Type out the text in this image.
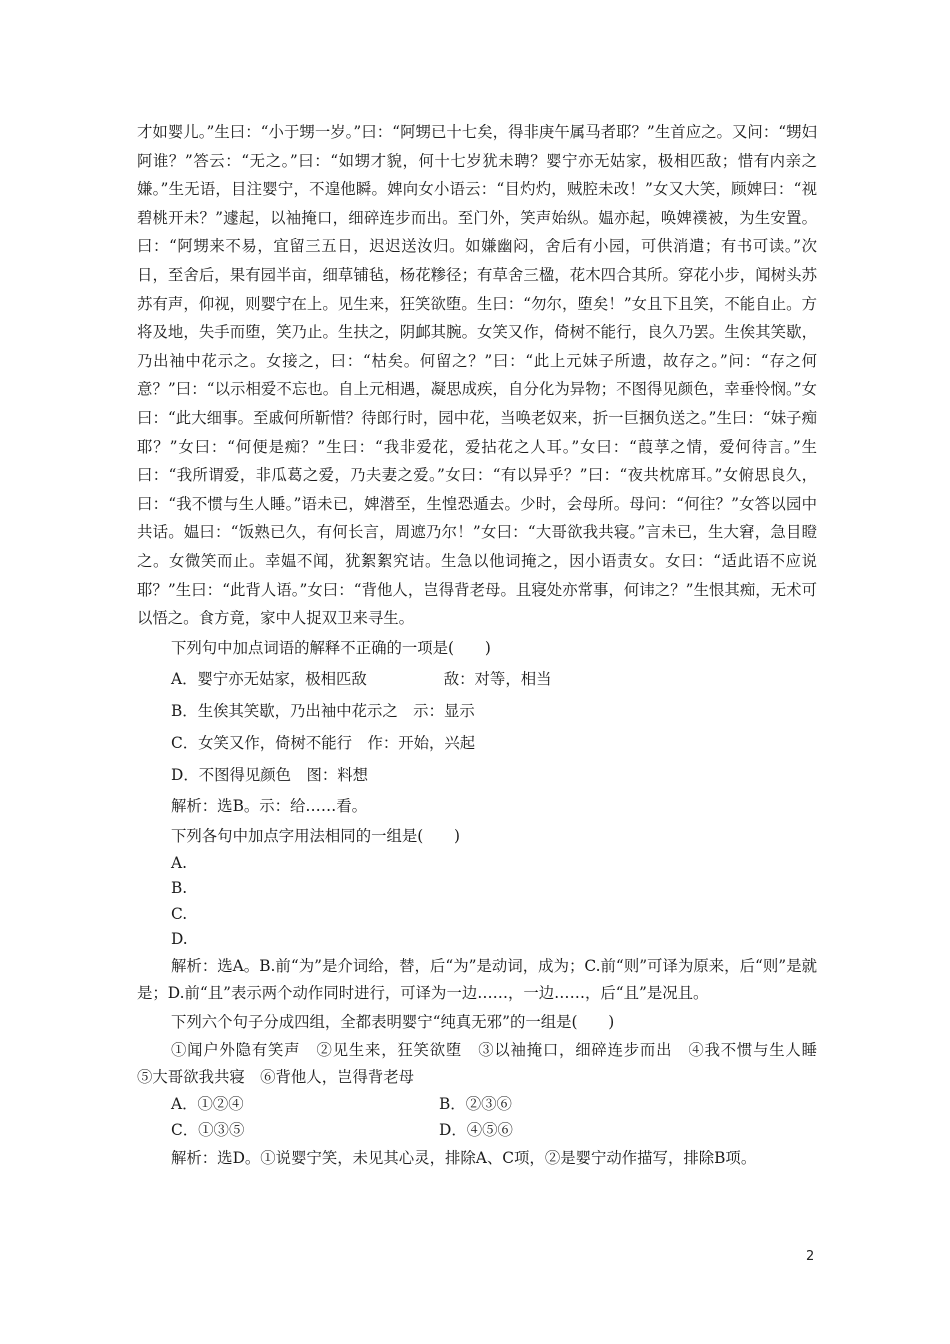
才如婴儿。”生曰：“小于甥一岁。”曰：“阿甥已十七矣，得非庚午属马者耶？”生首应之。又问：“甥妇阿谁？”答云：“无之。”曰：“如甥才貌，何十七岁犹未聘？婴宁亦无姑家，极相匹敌；惜有内亲之嫌。”生无语，目注婴宁，不遑他瞬。婢向女小语云：“目灼灼，贼腔未改！”女又大笑，顾婢曰：“视碧桃开未？”遽起，以袖掩口，细碎连步而出。至门外，笑声始纵。媪亦起，唤婢襆被，为生安置。曰：“阿甥来不易，宜留三五日，迟迟送汝归。如嫌幽闷，舍后有小园，可供消遣；有书可读。”次日，至舍后，果有园半亩，细草铺毡，杨花糁径；有草舍三楹，花木四合其所。穿花小步，闻树头苏苏有声，仰视，则婴宁在上。见生来，狂笑欲堕。生曰：“勿尔，堕矣！”女且下且笑，不能自止。方将及地，失手而堕，笑乃止。生扶之，阴䘏其腕。女笑又作，倚树不能行，良久乃罢。生俟其笑歇，乃出袖中花示之。女接之，曰：“枯矣。何留之？”曰：“此上元妹子所遗，故存之。”问：“存之何意？”曰：“以示相爱不忘也。自上元相遇，凝思成疾，自分化为异物；不图得见颜色，幸垂怜悯。”女曰：“此大细事。至戚何所靳惜？待郎行时，园中花，当唤老奴来，折一巨捆负送之。”生曰：“妹子痴耶？”女曰：“何便是痴？”生曰：“我非爱花，爱拈花之人耳。”女曰：“葭莩之情，爱何待言。”生曰：“我所谓爱，非瓜葛之爱，乃夫妻之爱。”女曰：“有以异乎？”曰：“夜共枕席耳。”女俯思良久，曰：“我不惯与生人睡。”语未已，婢潜至，生惶恐遁去。少时，会母所。母问：“何往？”女答以园中共话。媪曰：“饭熟已久，有何长言，周遮乃尔！”女曰：“大哥欲我共寝。”言未已，生大窘，急目瞪之。女微笑而止。幸媪不闻，犹絮絮究诘。生急以他词掩之，因小语责女。女曰：“适此语不应说耶？”生曰：“此背人语。”女曰：“背他人，岂得背老母。且寝处亦常事，何讳之？”生恨其痴，无术可以悟之。食方竟，家中人捉双卫来寻生。

下列句中加点词语的解释不正确的一项是(　　)

A．婴宁亦无姑家，极相匹敌　　　　　敌：对等，相当

B．生俟其笑歇，乃出袖中花示之　示：显示

C．女笑又作，倚树不能行　作：开始，兴起

D．不图得见颜色　图：料想

解析：选B。示：给……看。

下列各句中加点字用法相同的一组是(　　)

A.

B.

C.

D.

解析：选A。B.前“为”是介词给，替，后“为”是动词，成为；C.前“则”可译为原来，后“则”是就是；D.前“且”表示两个动作同时进行，可译为一边……，一边……，后“且”是况且。

下列六个句子分成四组，全都表明婴宁“纯真无邪”的一组是(　　)

①闻户外隐有笑声　②见生来，狂笑欲堕　③以袖掩口，细碎连步而出　④我不惯与生人睡　⑤大哥欲我共寝　⑥背他人，岂得背老母

A．①②④	B．②③⑥
C．①③⑤	D．④⑤⑥

解析：选D。①说婴宁笑，未见其心灵，排除A、C项，②是婴宁动作描写，排除B项。

2
